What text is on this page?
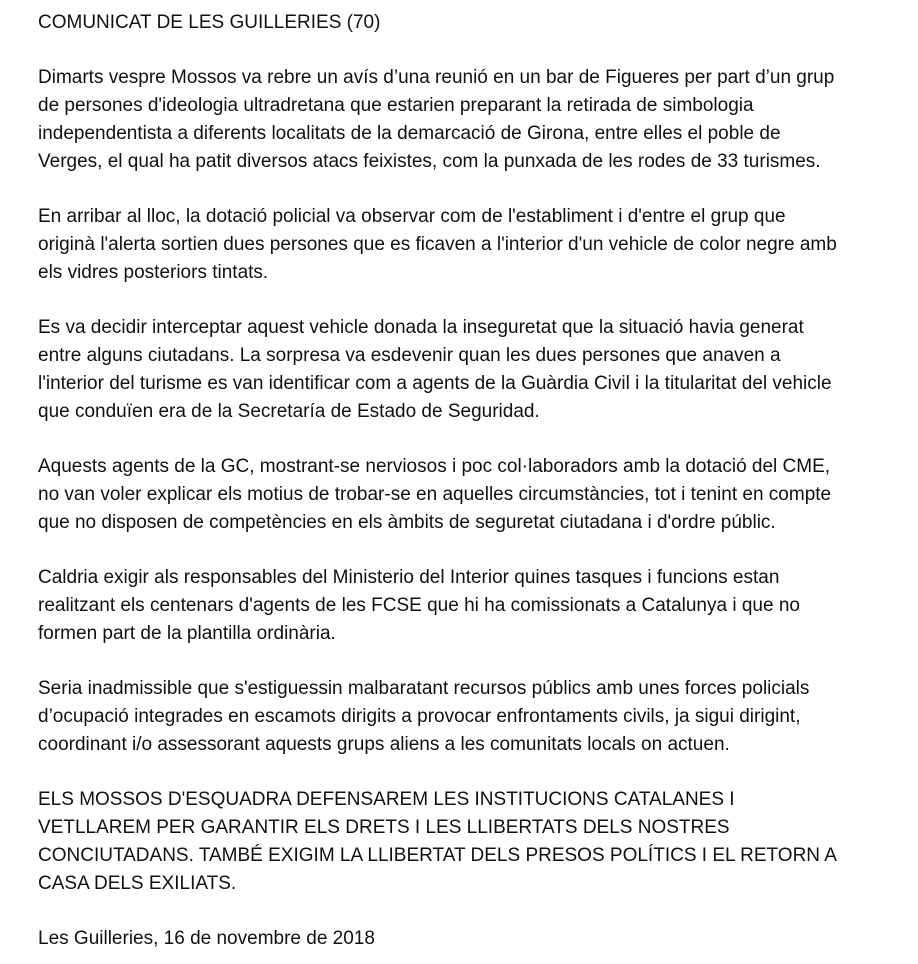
COMUNICAT DE LES GUILLERIES (70)

Dimarts vespre Mossos va rebre un avís d’una reunió en un bar de Figueres per part d’un grup
de persones d'ideologia ultradretana que estarien preparant la retirada de simbologia
independentista a diferents localitats de la demarcació de Girona, entre elles el poble de
Verges, el qual ha patit diversos atacs feixistes, com la punxada de les rodes de 33 turismes.

En arribar al lloc, la dotació policial va observar com de l'establiment i d'entre el grup que
originà l'alerta sortien dues persones que es ficaven a l'interior d'un vehicle de color negre amb
els vidres posteriors tintats.

Es va decidir interceptar aquest vehicle donada la inseguretat que la situació havia generat
entre alguns ciutadans. La sorpresa va esdevenir quan les dues persones que anaven a
l'interior del turisme es van identificar com a agents de la Guàrdia Civil i la titularitat del vehicle
que conduïen era de la Secretaría de Estado de Seguridad.

Aquests agents de la GC, mostrant-se nerviosos i poc col·laboradors amb la dotació del CME,
no van voler explicar els motius de trobar-se en aquelles circumstàncies, tot i tenint en compte
que no disposen de competències en els àmbits de seguretat ciutadana i d'ordre públic.

Caldria exigir als responsables del Ministerio del Interior quines tasques i funcions estan
realitzant els centenars d'agents de les FCSE que hi ha comissionats a Catalunya i que no
formen part de la plantilla ordinària.

Seria inadmissible que s'estiguessin malbaratant recursos públics amb unes forces policials
d’ocupació integrades en escamots dirigits a provocar enfrontaments civils, ja sigui dirigint,
coordinant i/o assessorant aquests grups aliens a les comunitats locals on actuen.

ELS MOSSOS D'ESQUADRA DEFENSAREM LES INSTITUCIONS CATALANES I
VETLLAREM PER GARANTIR ELS DRETS I LES LLIBERTATS DELS NOSTRES
CONCIUTADANS. TAMBÉ EXIGIM LA LLIBERTAT DELS PRESOS POLÍTICS I EL RETORN A
CASA DELS EXILIATS.

Les Guilleries, 16 de novembre de 2018
